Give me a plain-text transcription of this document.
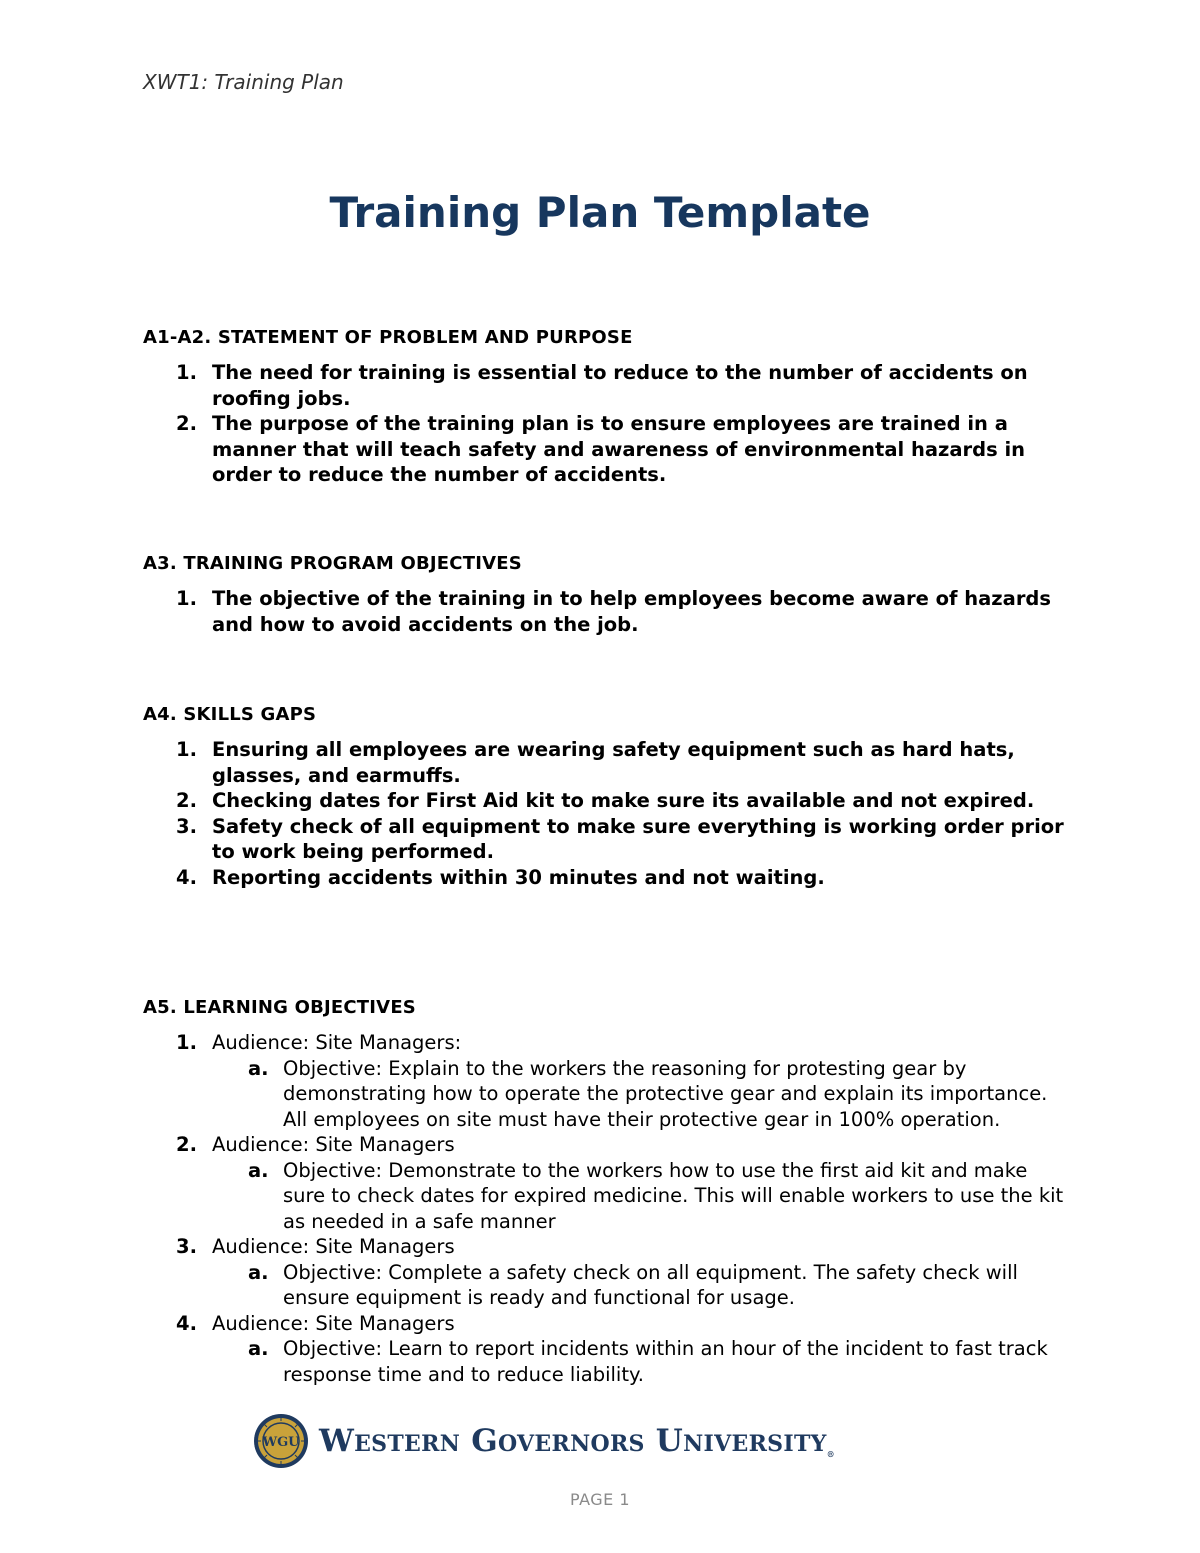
XWT1: Training Plan
Training Plan Template
A1-A2. STATEMENT OF PROBLEM AND PURPOSE
1. The need for training is essential to reduce to the number of accidents on roofing jobs.
2. The purpose of the training plan is to ensure employees are trained in a manner that will teach safety and awareness of environmental hazards in order to reduce the number of accidents.
A3. TRAINING PROGRAM OBJECTIVES
1. The objective of the training in to help employees become aware of hazards and how to avoid accidents on the job.
A4. SKILLS GAPS
1. Ensuring all employees are wearing safety equipment such as hard hats, glasses, and earmuffs.
2. Checking dates for First Aid kit to make sure its available and not expired.
3. Safety check of all equipment to make sure everything is working order prior to work being performed.
4. Reporting accidents within 30 minutes and not waiting.
A5. LEARNING OBJECTIVES
1. Audience: Site Managers:
a. Objective: Explain to the workers the reasoning for protesting gear by demonstrating how to operate the protective gear and explain its importance. All employees on site must have their protective gear in 100% operation.
2. Audience: Site Managers
a. Objective: Demonstrate to the workers how to use the first aid kit and make sure to check dates for expired medicine. This will enable workers to use the kit as needed in a safe manner
3. Audience: Site Managers
a. Objective: Complete a safety check on all equipment. The safety check will ensure equipment is ready and functional for usage.
4. Audience: Site Managers
a. Objective: Learn to report incidents within an hour of the incident to fast track response time and to reduce liability.
WGU Western Governors University®
PAGE 1
